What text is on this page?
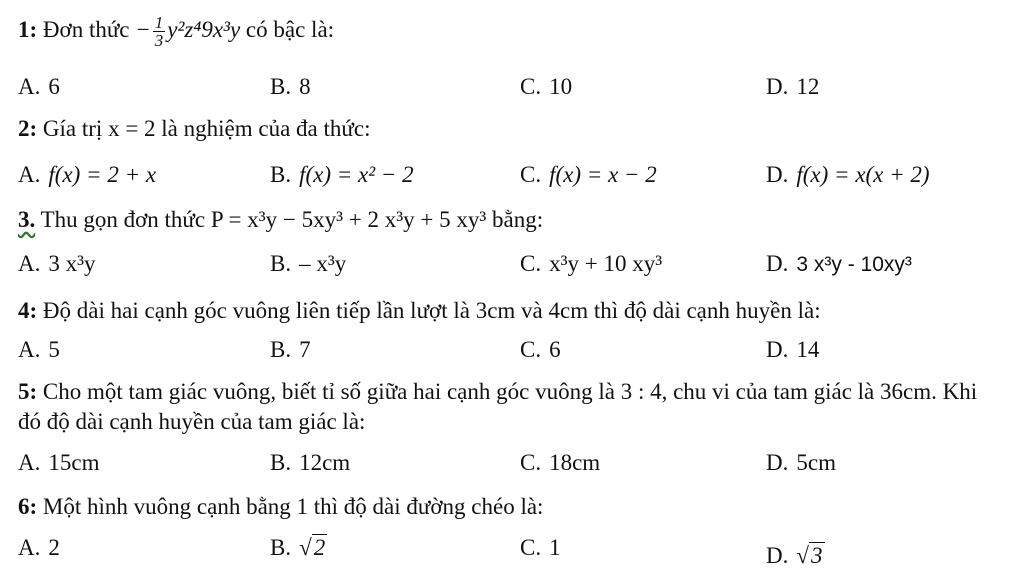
1: Đơn thức − $\frac{1}{3} y^2z^49x^3y$ có bậc là:
A. 6	B. 8	C. 10	D. 12
2: Gía trị x = 2 là nghiệm của đa thức:
A. f(x) = 2 + x	B. f(x) = x² − 2	C. f(x) = x − 2	D. f(x) = x(x + 2)
3. Thu gọn đơn thức P = x³y − 5xy³ + 2 x³y + 5 xy³ bằng:
A. 3 x³y	B. – x³y	C. x³y + 10 xy³	D. 3 x³y - 10xy³
4: Độ dài hai cạnh góc vuông liên tiếp lần lượt là 3cm và 4cm thì độ dài cạnh huyền là:
A. 5	B. 7	C. 6	D. 14
5: Cho một tam giác vuông, biết tỉ số giữa hai cạnh góc vuông là 3 : 4, chu vi của tam giác là 36cm. Khi đó độ dài cạnh huyền của tam giác là:
A. 15cm	B. 12cm	C. 18cm	D. 5cm
6: Một hình vuông cạnh bằng 1 thì độ dài đường chéo là:
A. 2	B. √2	C. 1	D. √3
